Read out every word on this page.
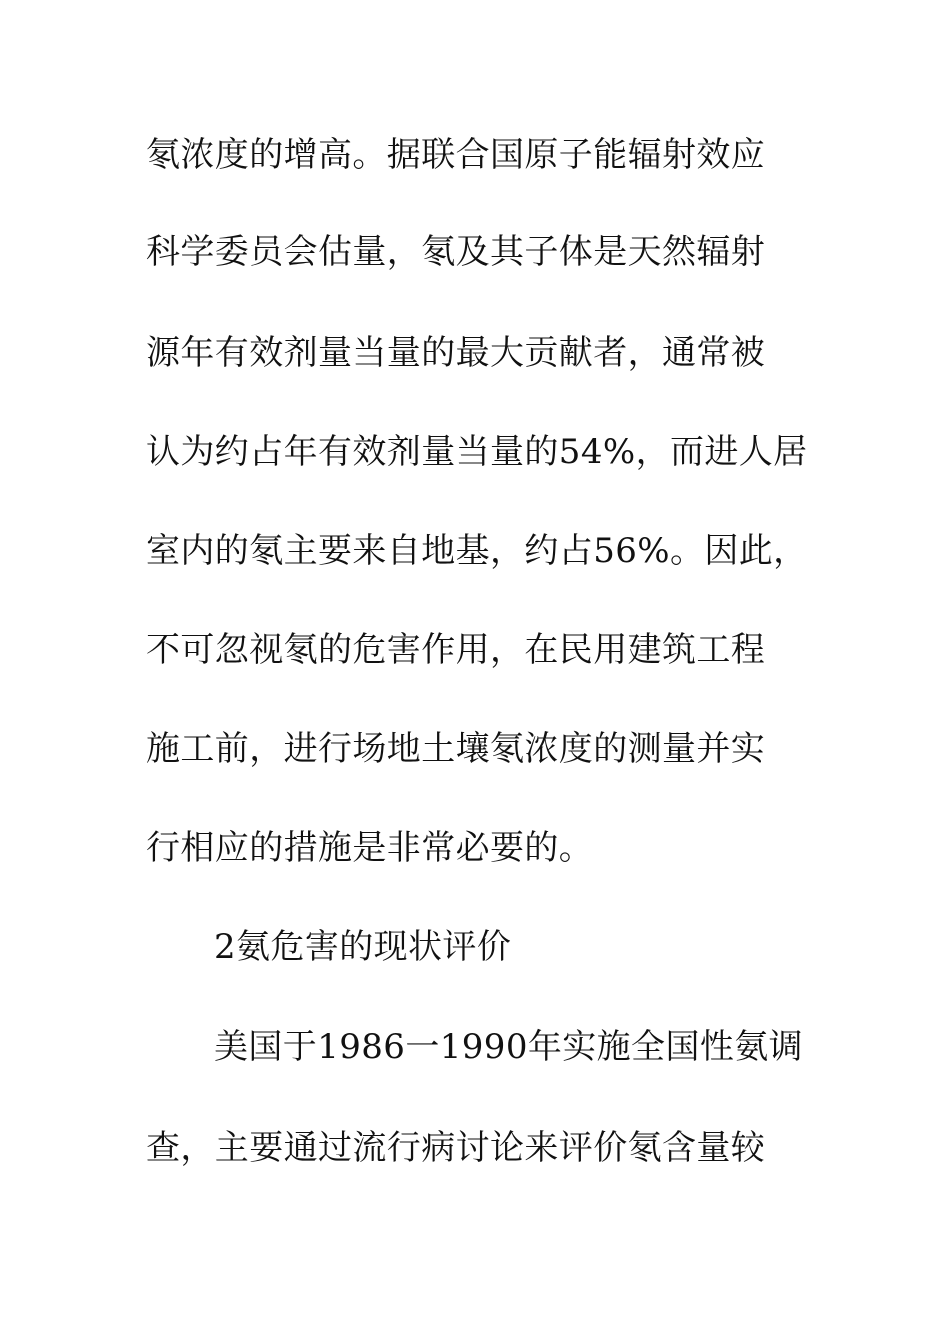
氡浓度的增高。据联合国原子能辐射效应
科学委员会估量，氡及其子体是天然辐射
源年有效剂量当量的最大贡献者，通常被
认为约占年有效剂量当量的54%，而进人居
室内的氡主要来自地基，约占56%。因此，
不可忽视氡的危害作用，在民用建筑工程
施工前，进行场地土壤氡浓度的测量并实
行相应的措施是非常必要的。
2氨危害的现状评价
美国于1986一1990年实施全国性氨调
查，主要通过流行病讨论来评价氡含量较
